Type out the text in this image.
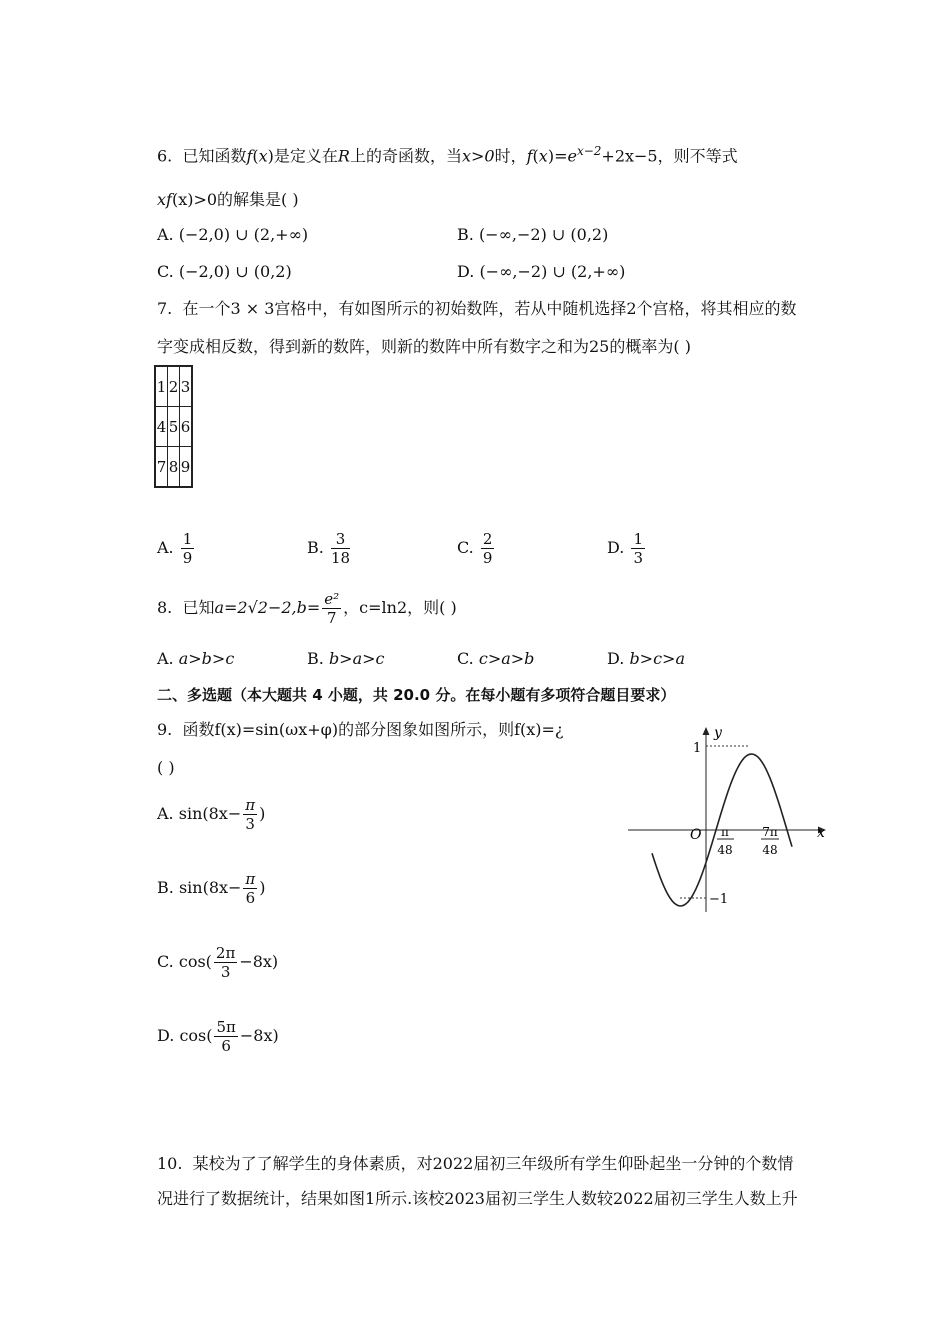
6. 已知函数f(x)是定义在R上的奇函数，当x>0时，$f(x)=e^{x-2}+2x-5$，则不等式
xf(x)>0的解集是( )
A. (−2,0) ∪ (2,+∞)	B. (−∞,−2) ∪ (0,2)
C. (−2,0) ∪ (0,2)	D. (−∞,−2) ∪ (2,+∞)
7. 在一个3 × 3宫格中，有如图所示的初始数阵，若从中随机选择2个宫格，将其相应的数
字变成相反数，得到新的数阵，则新的数阵中所有数字之和为25的概率为( )
1	2	3
4	5	6
7	8	9
A. $\frac{1}{9}$	B. $\frac{3}{18}$	C. $\frac{2}{9}$	D. $\frac{1}{3}$
8. 已知$a=2√2-2,b= \frac{\text{e²}}{7}$ ，c=ln2，则( )
A. a>b>c	B. b>a>c	C. c>a>b	D. b>c>a
二、多选题（本大题共 4 小题，共 20.0 分。在每小题有多项符合题目要求）
9. 函数f(x)=sin(ωx+φ)的部分图象如图所示，则f(x)=¿
( )
A. $\sin(8x- \frac{\pi}{3}$ )
B. $\sin(8x- \frac{\pi}{6}$ )
C. $\cos( \frac{2\pi}{3} -8x)$
D. $\cos( \frac{5\pi}{6} -8x)$
y
x
O
1
−1
π
48
7π
48
10. 某校为了了解学生的身体素质，对2022届初三年级所有学生仰卧起坐一分钟的个数情
况进行了数据统计，结果如图1所示.该校2023届初三学生人数较2022届初三学生人数上升
